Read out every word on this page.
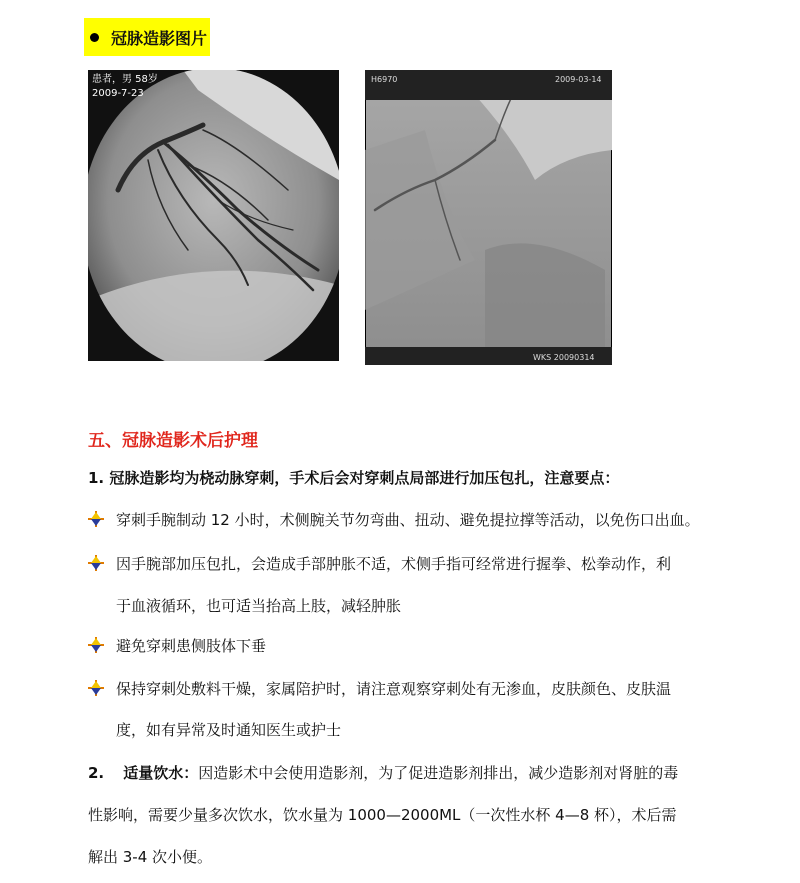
冠脉造影图片
患者，男 58岁
2009-7-23
H6970	2009-03-14
WKS 20090314
五、冠脉造影术后护理
1. 冠脉造影均为桡动脉穿刺，手术后会对穿刺点局部进行加压包扎，注意要点：
穿刺手腕制动 12 小时，术侧腕关节勿弯曲、扭动、避免提拉撑等活动，以免伤口出血。
因手腕部加压包扎，会造成手部肿胀不适，术侧手指可经常进行握拳、松拳动作，利
于血液循环，也可适当抬高上肢，减轻肿胀
避免穿刺患侧肢体下垂
保持穿刺处敷料干燥，家属陪护时，请注意观察穿刺处有无渗血，皮肤颜色、皮肤温
度，如有异常及时通知医生或护士
2. 适量饮水：因造影术中会使用造影剂，为了促进造影剂排出，减少造影剂对肾脏的毒
性影响，需要少量多次饮水，饮水量为 1000—2000ML（一次性水杯 4—8 杯），术后需
解出 3-4 次小便。
